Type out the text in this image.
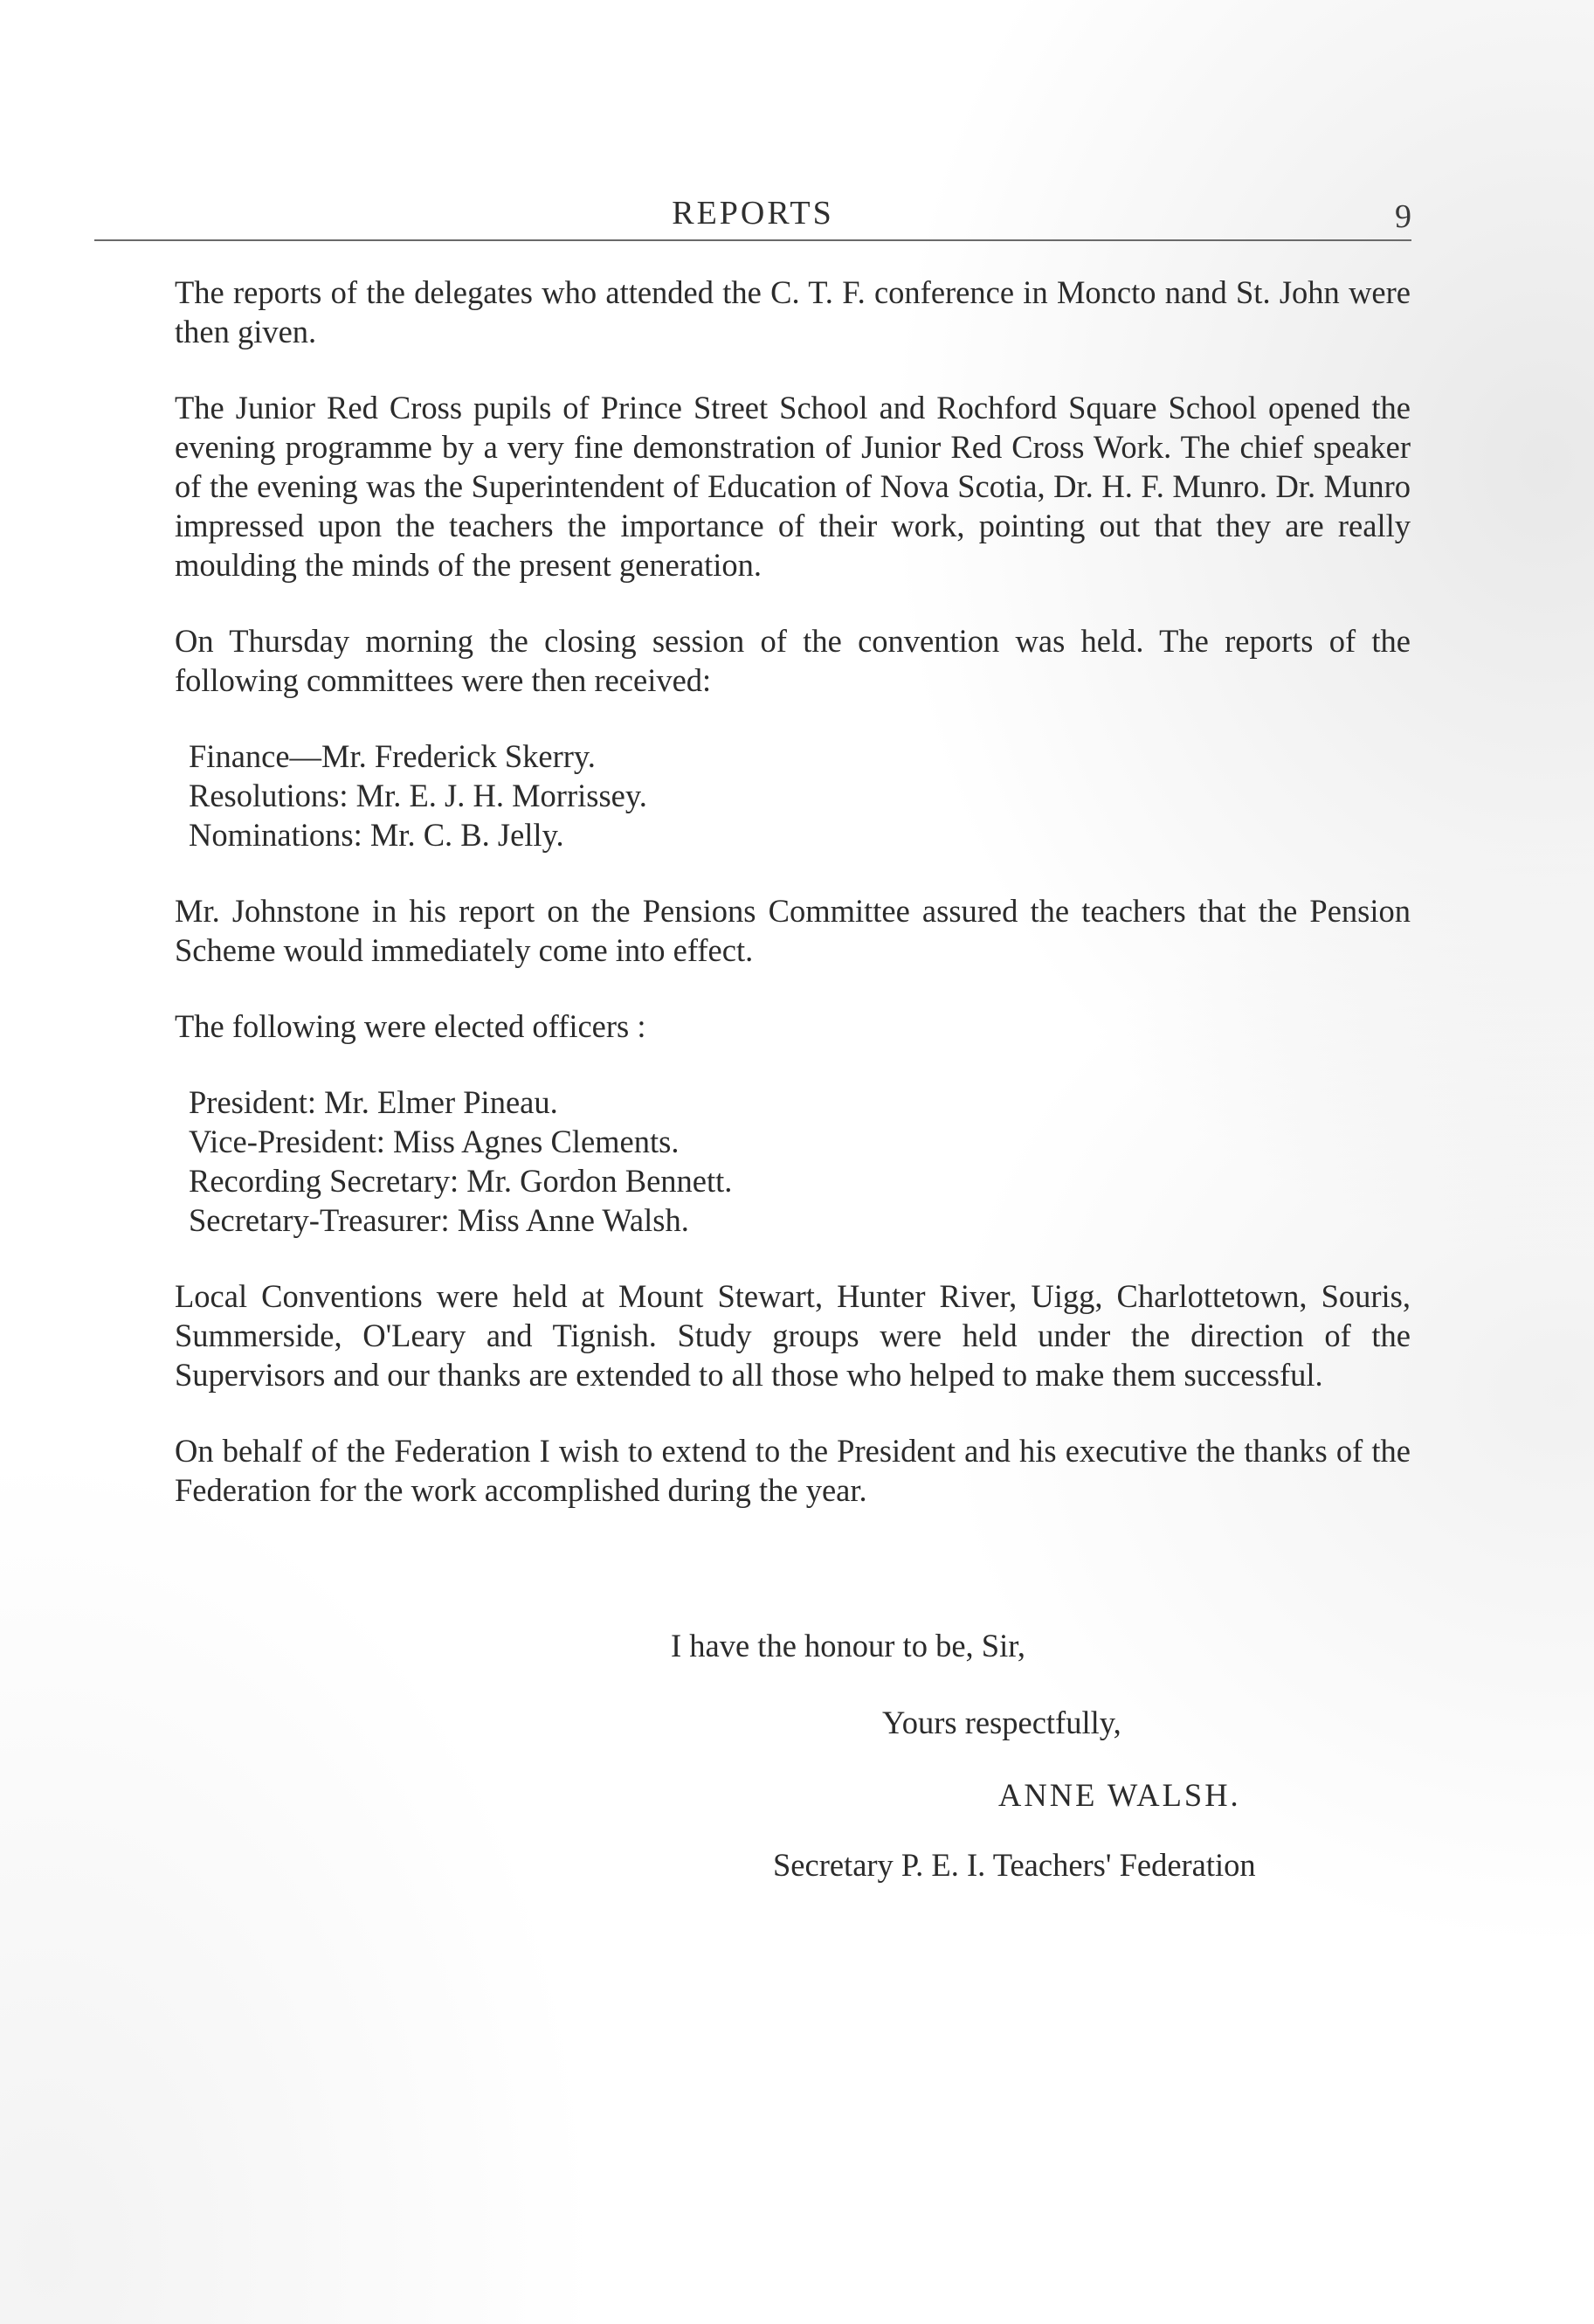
REPORTS	9

The reports of the delegates who attended the C. T. F. conference in Moncto nand St. John were then given.

The Junior Red Cross pupils of Prince Street School and Rochford Square School opened the evening programme by a very fine demonstration of Junior Red Cross Work. The chief speaker of the evening was the Superintendent of Education of Nova Scotia, Dr. H. F. Munro. Dr. Munro impressed upon the teachers the importance of their work, pointing out that they are really moulding the minds of the present generation.

On Thursday morning the closing session of the convention was held. The reports of the following committees were then received:

Finance—Mr. Frederick Skerry.
Resolutions: Mr. E. J. H. Morrissey.
Nominations: Mr. C. B. Jelly.

Mr. Johnstone in his report on the Pensions Committee assured the teachers that the Pension Scheme would immediately come into effect.

The following were elected officers :

President: Mr. Elmer Pineau.
Vice-President: Miss Agnes Clements.
Recording Secretary: Mr. Gordon Bennett.
Secretary-Treasurer: Miss Anne Walsh.

Local Conventions were held at Mount Stewart, Hunter River, Uigg, Charlottetown, Souris, Summerside, O'Leary and Tignish. Study groups were held under the direction of the Supervisors and our thanks are extended to all those who helped to make them successful.

On behalf of the Federation I wish to extend to the President and his executive the thanks of the Federation for the work accomplished during the year.

I have the honour to be, Sir,
Yours respectfully,
ANNE WALSH.
Secretary P. E. I. Teachers' Federation
